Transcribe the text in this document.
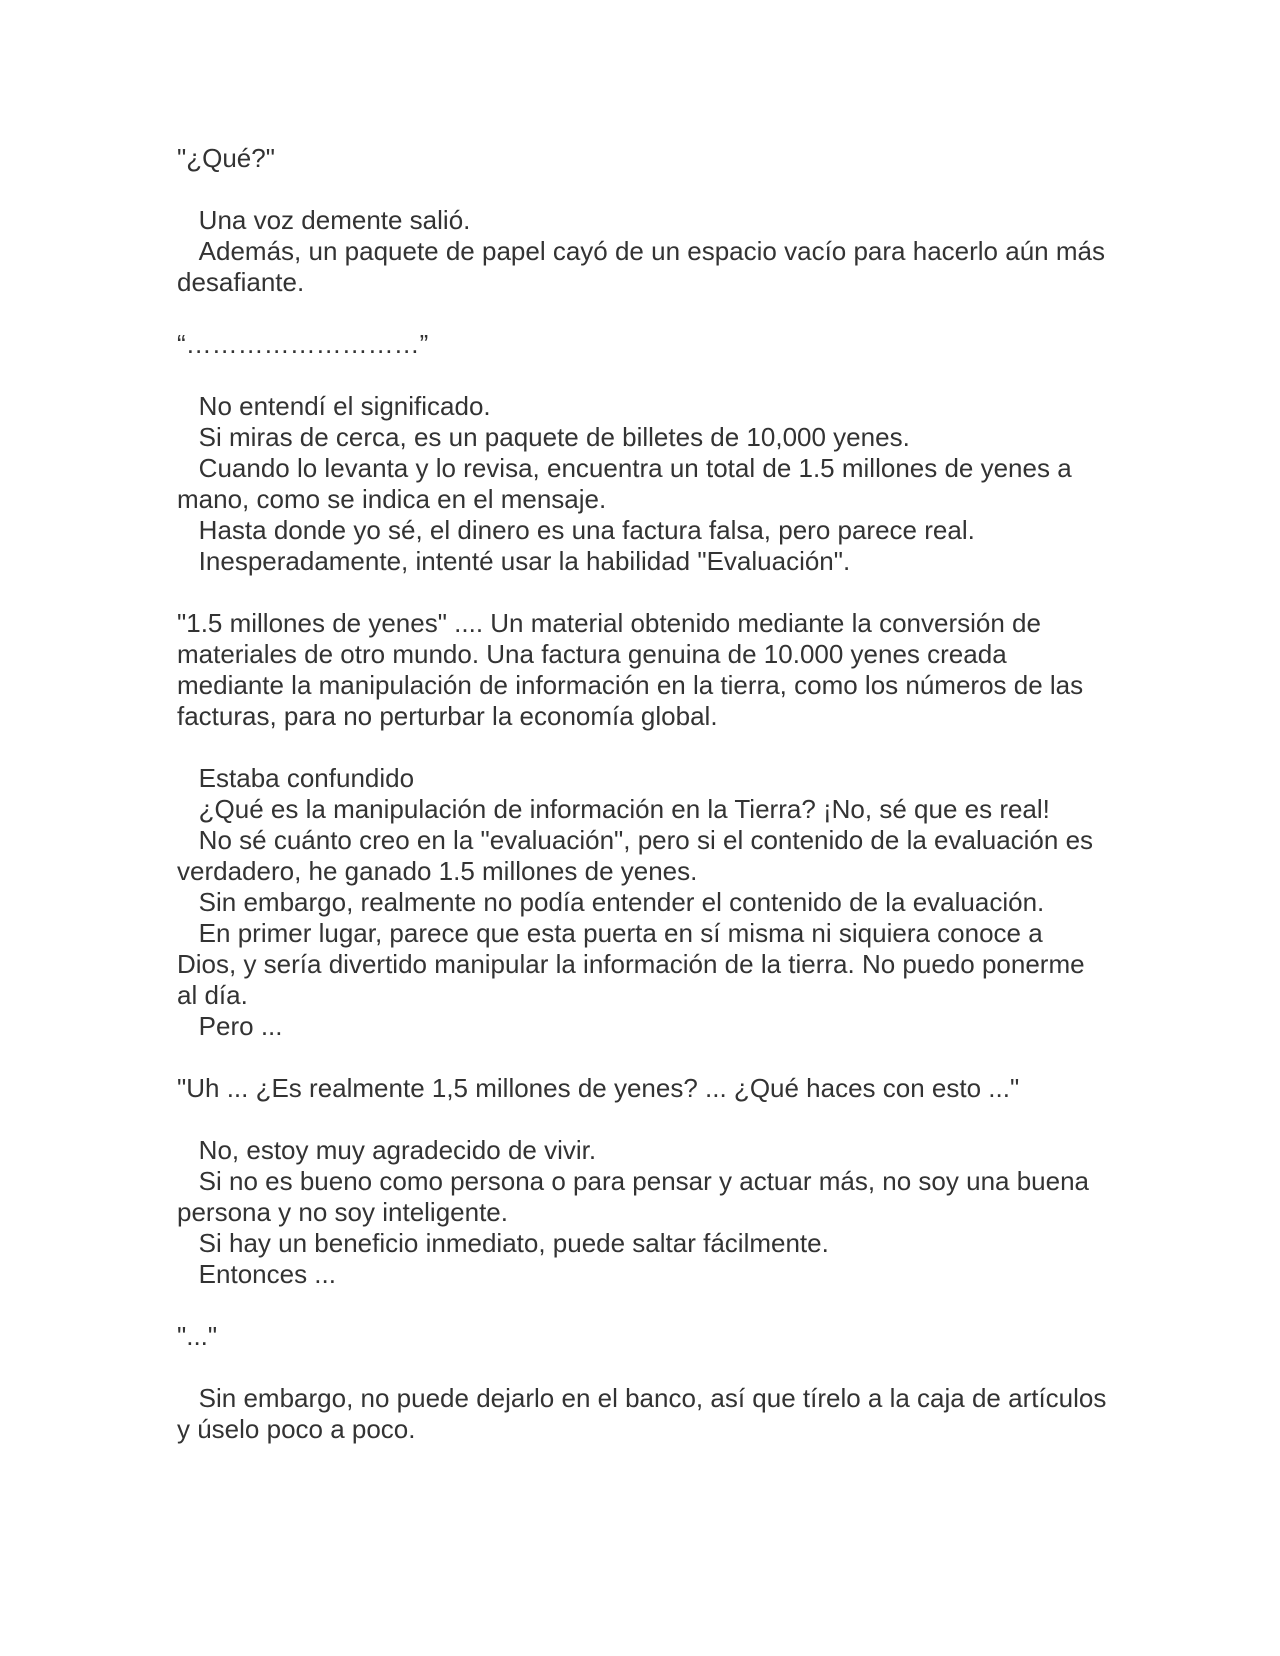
"¿Qué?"
Una voz demente salió.
Además, un paquete de papel cayó de un espacio vacío para hacerlo aún más desafiante.
“………………………”
No entendí el significado.
Si miras de cerca, es un paquete de billetes de 10,000 yenes.
Cuando lo levanta y lo revisa, encuentra un total de 1.5 millones de yenes a mano, como se indica en el mensaje.
Hasta donde yo sé, el dinero es una factura falsa, pero parece real.
Inesperadamente, intenté usar la habilidad "Evaluación".
"1.5 millones de yenes" .... Un material obtenido mediante la conversión de materiales de otro mundo. Una factura genuina de 10.000 yenes creada mediante la manipulación de información en la tierra, como los números de las facturas, para no perturbar la economía global.
Estaba confundido
¿Qué es la manipulación de información en la Tierra? ¡No, sé que es real!
No sé cuánto creo en la "evaluación", pero si el contenido de la evaluación es verdadero, he ganado 1.5 millones de yenes.
Sin embargo, realmente no podía entender el contenido de la evaluación.
En primer lugar, parece que esta puerta en sí misma ni siquiera conoce a Dios, y sería divertido manipular la información de la tierra. No puedo ponerme al día.
Pero ...
"Uh ... ¿Es realmente 1,5 millones de yenes? ... ¿Qué haces con esto ..."
No, estoy muy agradecido de vivir.
Si no es bueno como persona o para pensar y actuar más, no soy una buena persona y no soy inteligente.
Si hay un beneficio inmediato, puede saltar fácilmente.
Entonces ...
"..."
Sin embargo, no puede dejarlo en el banco, así que tírelo a la caja de artículos y úselo poco a poco.
